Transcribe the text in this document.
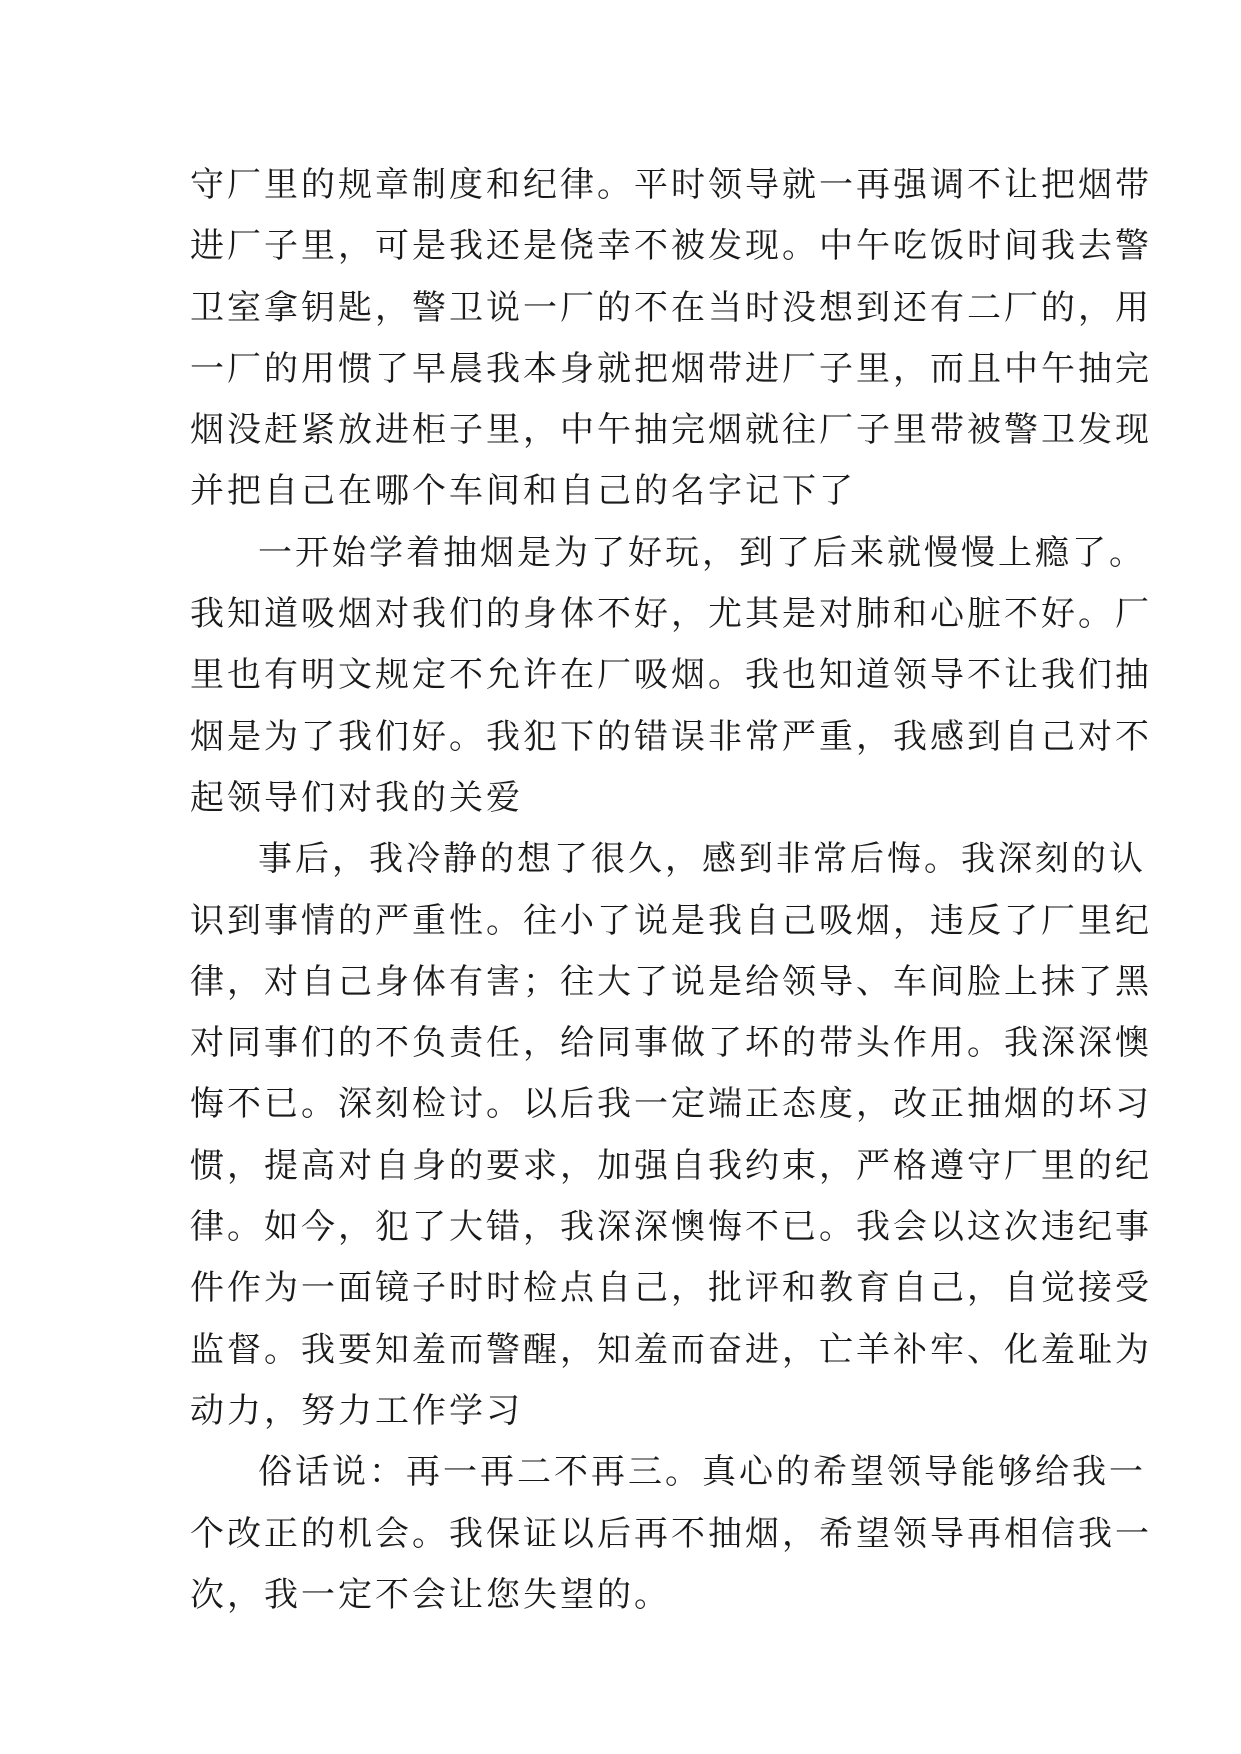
守厂里的规章制度和纪律。平时领导就一再强调不让把烟带
进厂子里，可是我还是侥幸不被发现。中午吃饭时间我去警
卫室拿钥匙，警卫说一厂的不在当时没想到还有二厂的，用
一厂的用惯了早晨我本身就把烟带进厂子里，而且中午抽完
烟没赶紧放进柜子里，中午抽完烟就往厂子里带被警卫发现
并把自己在哪个车间和自己的名字记下了
一开始学着抽烟是为了好玩，到了后来就慢慢上瘾了。
我知道吸烟对我们的身体不好，尤其是对肺和心脏不好。厂
里也有明文规定不允许在厂吸烟。我也知道领导不让我们抽
烟是为了我们好。我犯下的错误非常严重，我感到自己对不
起领导们对我的关爱
事后，我冷静的想了很久，感到非常后悔。我深刻的认
识到事情的严重性。往小了说是我自己吸烟，违反了厂里纪
律，对自己身体有害；往大了说是给领导、车间脸上抹了黑
对同事们的不负责任，给同事做了坏的带头作用。我深深懊
悔不已。深刻检讨。以后我一定端正态度，改正抽烟的坏习
惯，提高对自身的要求，加强自我约束，严格遵守厂里的纪
律。如今，犯了大错，我深深懊悔不已。我会以这次违纪事
件作为一面镜子时时检点自己，批评和教育自己，自觉接受
监督。我要知羞而警醒，知羞而奋进，亡羊补牢、化羞耻为
动力，努力工作学习
俗话说：再一再二不再三。真心的希望领导能够给我一
个改正的机会。我保证以后再不抽烟，希望领导再相信我一
次，我一定不会让您失望的。
